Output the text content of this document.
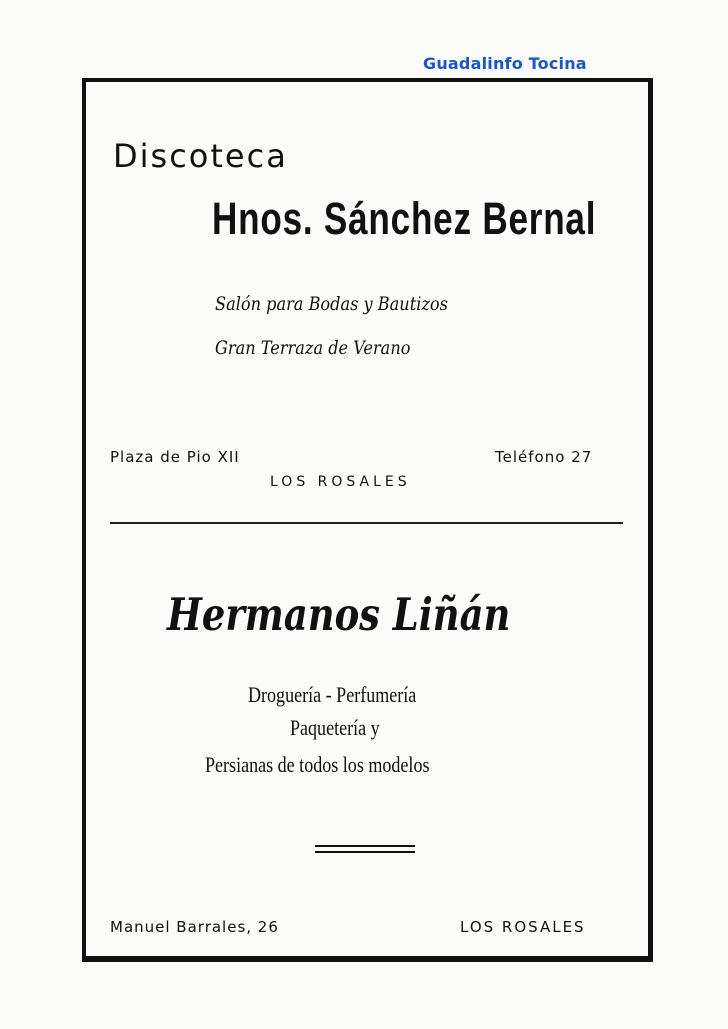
Guadalinfo Tocina
Discoteca
Hnos. Sánchez Bernal
Salón para Bodas y Bautizos
Gran Terraza de Verano
Plaza de Pio XII	Teléfono 27
LOS ROSALES
Hermanos Liñán
Droguería - Perfumería
Paquetería y
Persianas de todos los modelos
Manuel Barrales, 26	LOS ROSALES
